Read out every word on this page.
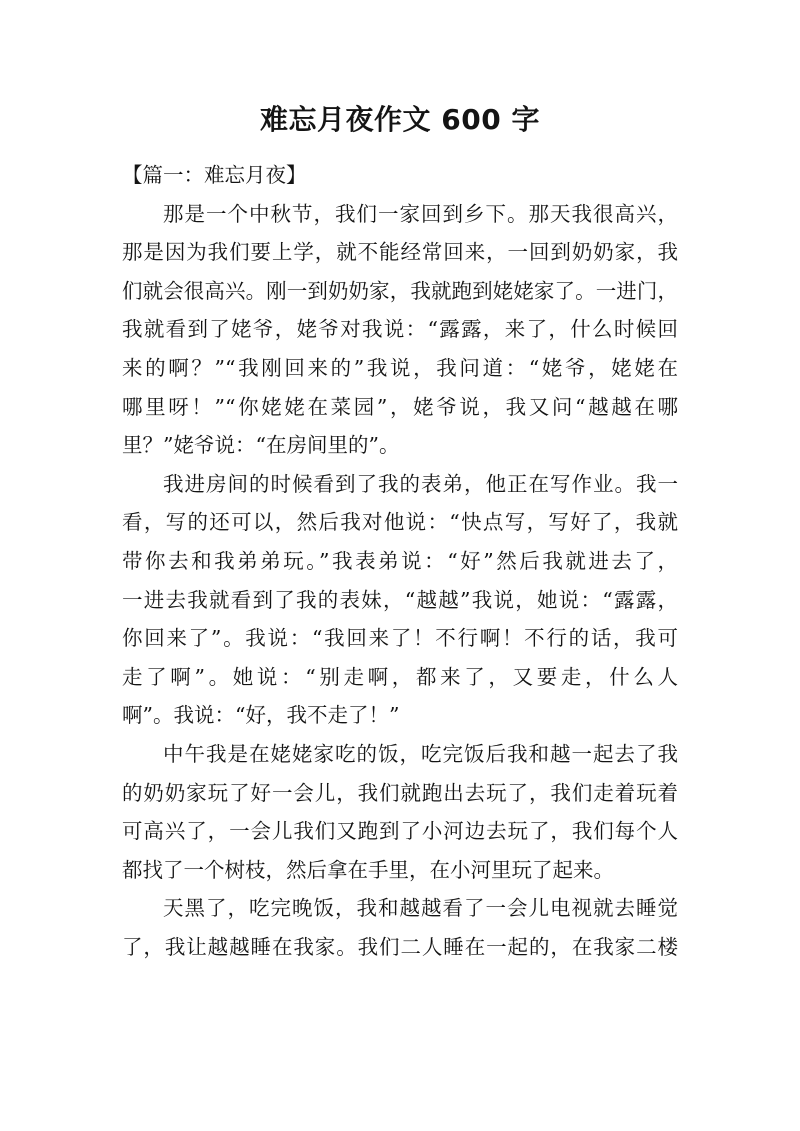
难忘月夜作文 600 字
【篇一：难忘月夜】
那是一个中秋节，我们一家回到乡下。那天我很高兴，
那是因为我们要上学，就不能经常回来，一回到奶奶家，我
们就会很高兴。刚一到奶奶家，我就跑到姥姥家了。一进门，
我就看到了姥爷，姥爷对我说：“露露，来了，什么时候回
来的啊？”“我刚回来的”我说，我问道：“姥爷，姥姥在
哪里呀！”“你姥姥在菜园”，姥爷说，我又问“越越在哪
里？”姥爷说：“在房间里的”。
我进房间的时候看到了我的表弟，他正在写作业。我一
看，写的还可以，然后我对他说：“快点写，写好了，我就
带你去和我弟弟玩。”我表弟说：“好”然后我就进去了，
一进去我就看到了我的表妹，“越越”我说，她说：“露露，
你回来了”。我说：“我回来了！不行啊！不行的话，我可
走了啊”。她说：“别走啊，都来了，又要走，什么人
啊”。我说：“好，我不走了！”
中午我是在姥姥家吃的饭，吃完饭后我和越一起去了我
的奶奶家玩了好一会儿，我们就跑出去玩了，我们走着玩着
可高兴了，一会儿我们又跑到了小河边去玩了，我们每个人
都找了一个树枝，然后拿在手里，在小河里玩了起来。
天黑了，吃完晚饭，我和越越看了一会儿电视就去睡觉
了，我让越越睡在我家。我们二人睡在一起的，在我家二楼
